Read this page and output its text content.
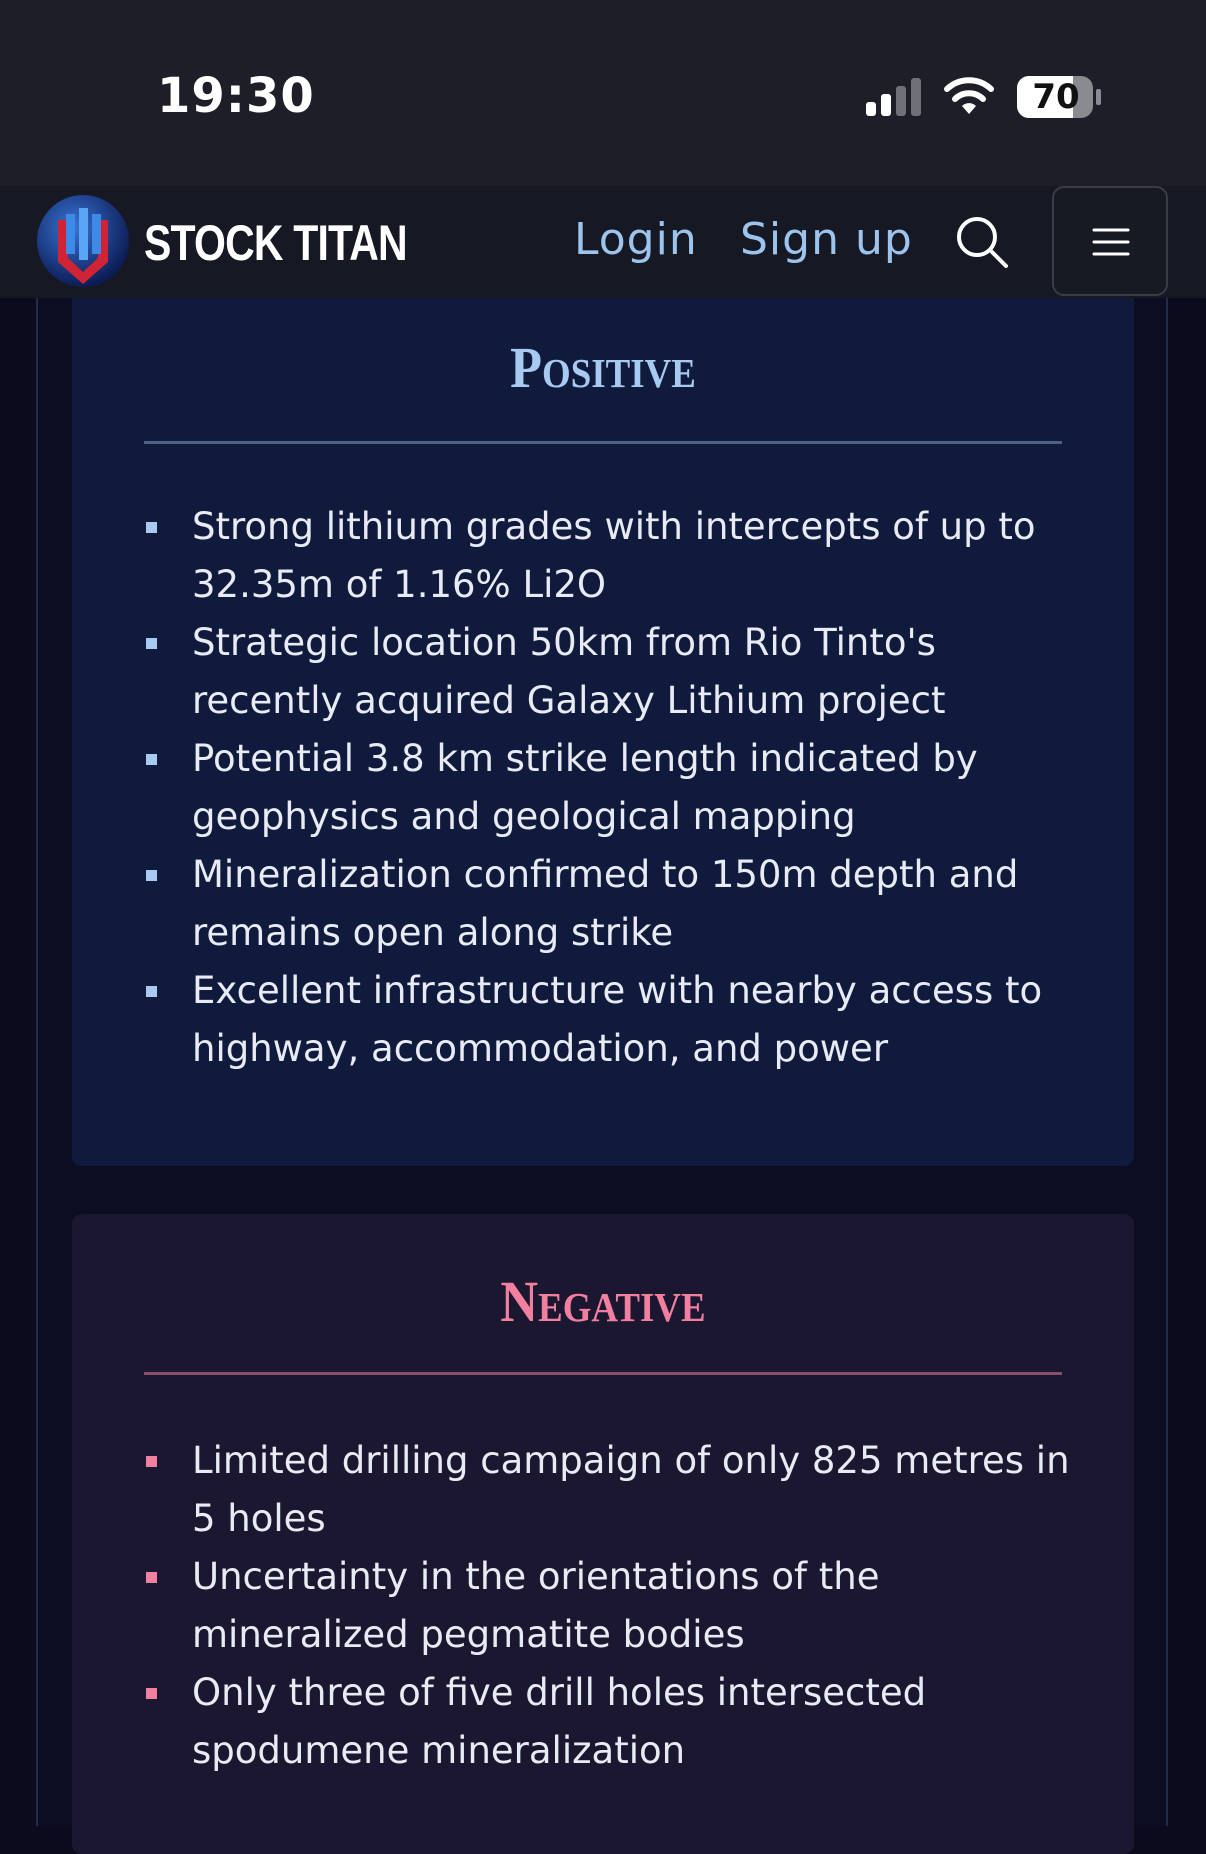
19:30	70
STOCK TITAN	Login Sign up
Positive
Strong lithium grades with intercepts of up to 32.35m of 1.16% Li2O
Strategic location 50km from Rio Tinto's recently acquired Galaxy Lithium project
Potential 3.8 km strike length indicated by geophysics and geological mapping
Mineralization confirmed to 150m depth and remains open along strike
Excellent infrastructure with nearby access to highway, accommodation, and power
Negative
Limited drilling campaign of only 825 metres in 5 holes
Uncertainty in the orientations of the mineralized pegmatite bodies
Only three of five drill holes intersected spodumene mineralization
